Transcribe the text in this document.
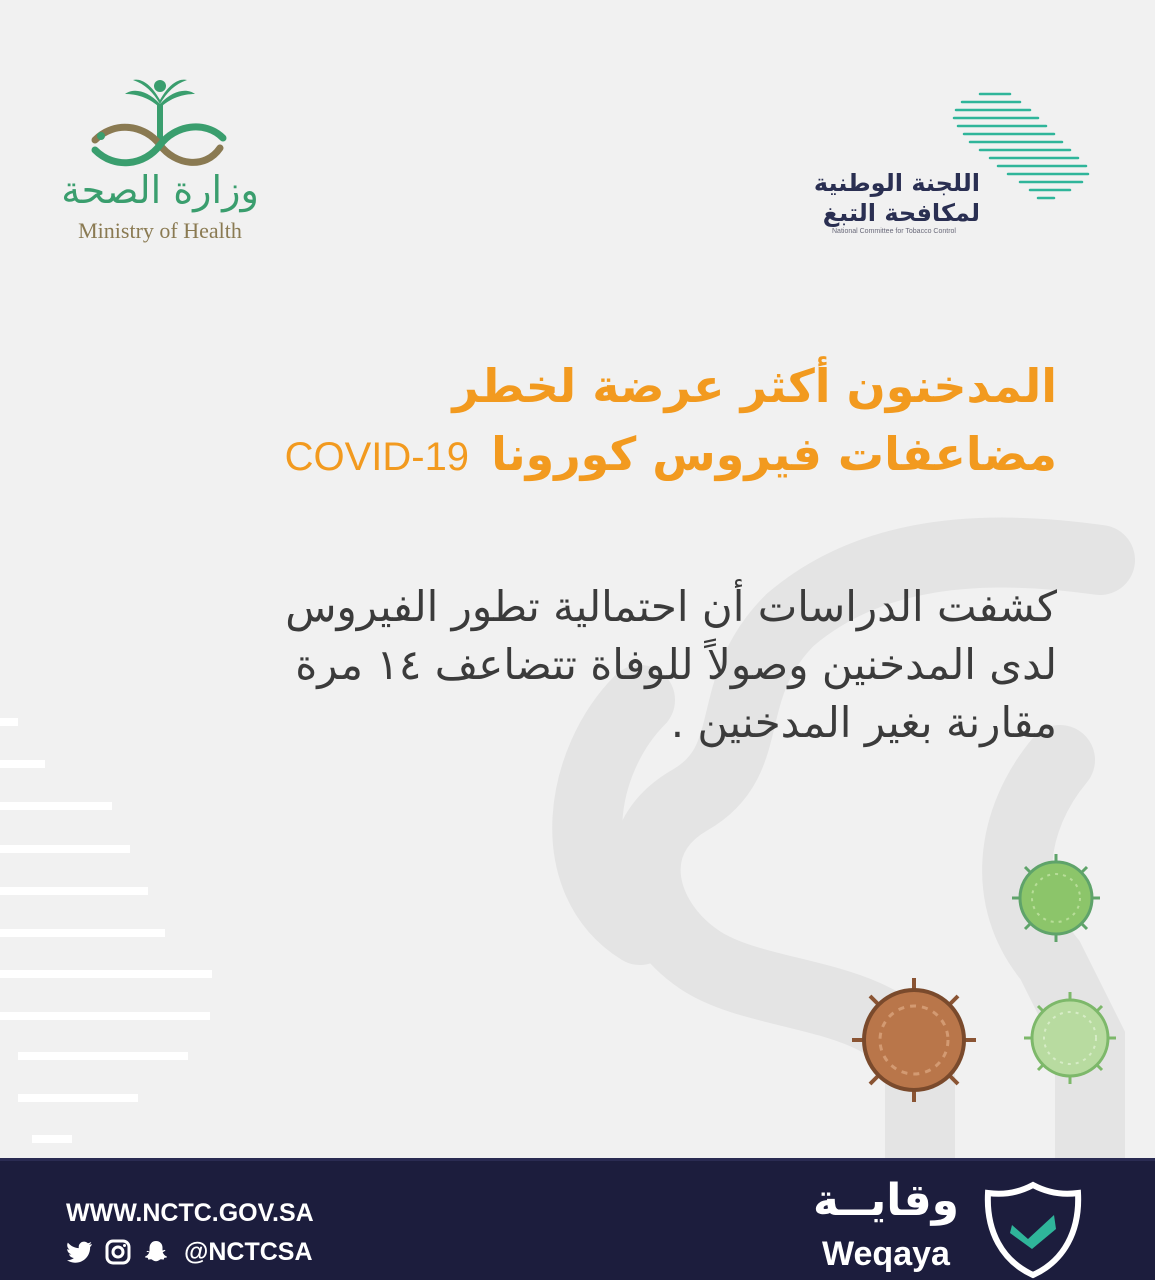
وزارة الصحة
Ministry of Health
اللجنة الوطنية
لمكافحة التبغ
National Committee for Tobacco Control
المدخنون أكثر عرضة لخطر
مضاعفات فيروس كوروناCOVID-19
كشفت الدراسات أن احتمالية تطور الفيروس
لدى المدخنين وصولاً للوفاة تتضاعف ١٤ مرة
مقارنة بغير المدخنين .
WWW.NCTC.GOV.SA
@NCTCSA
وقايــة
Weqaya
